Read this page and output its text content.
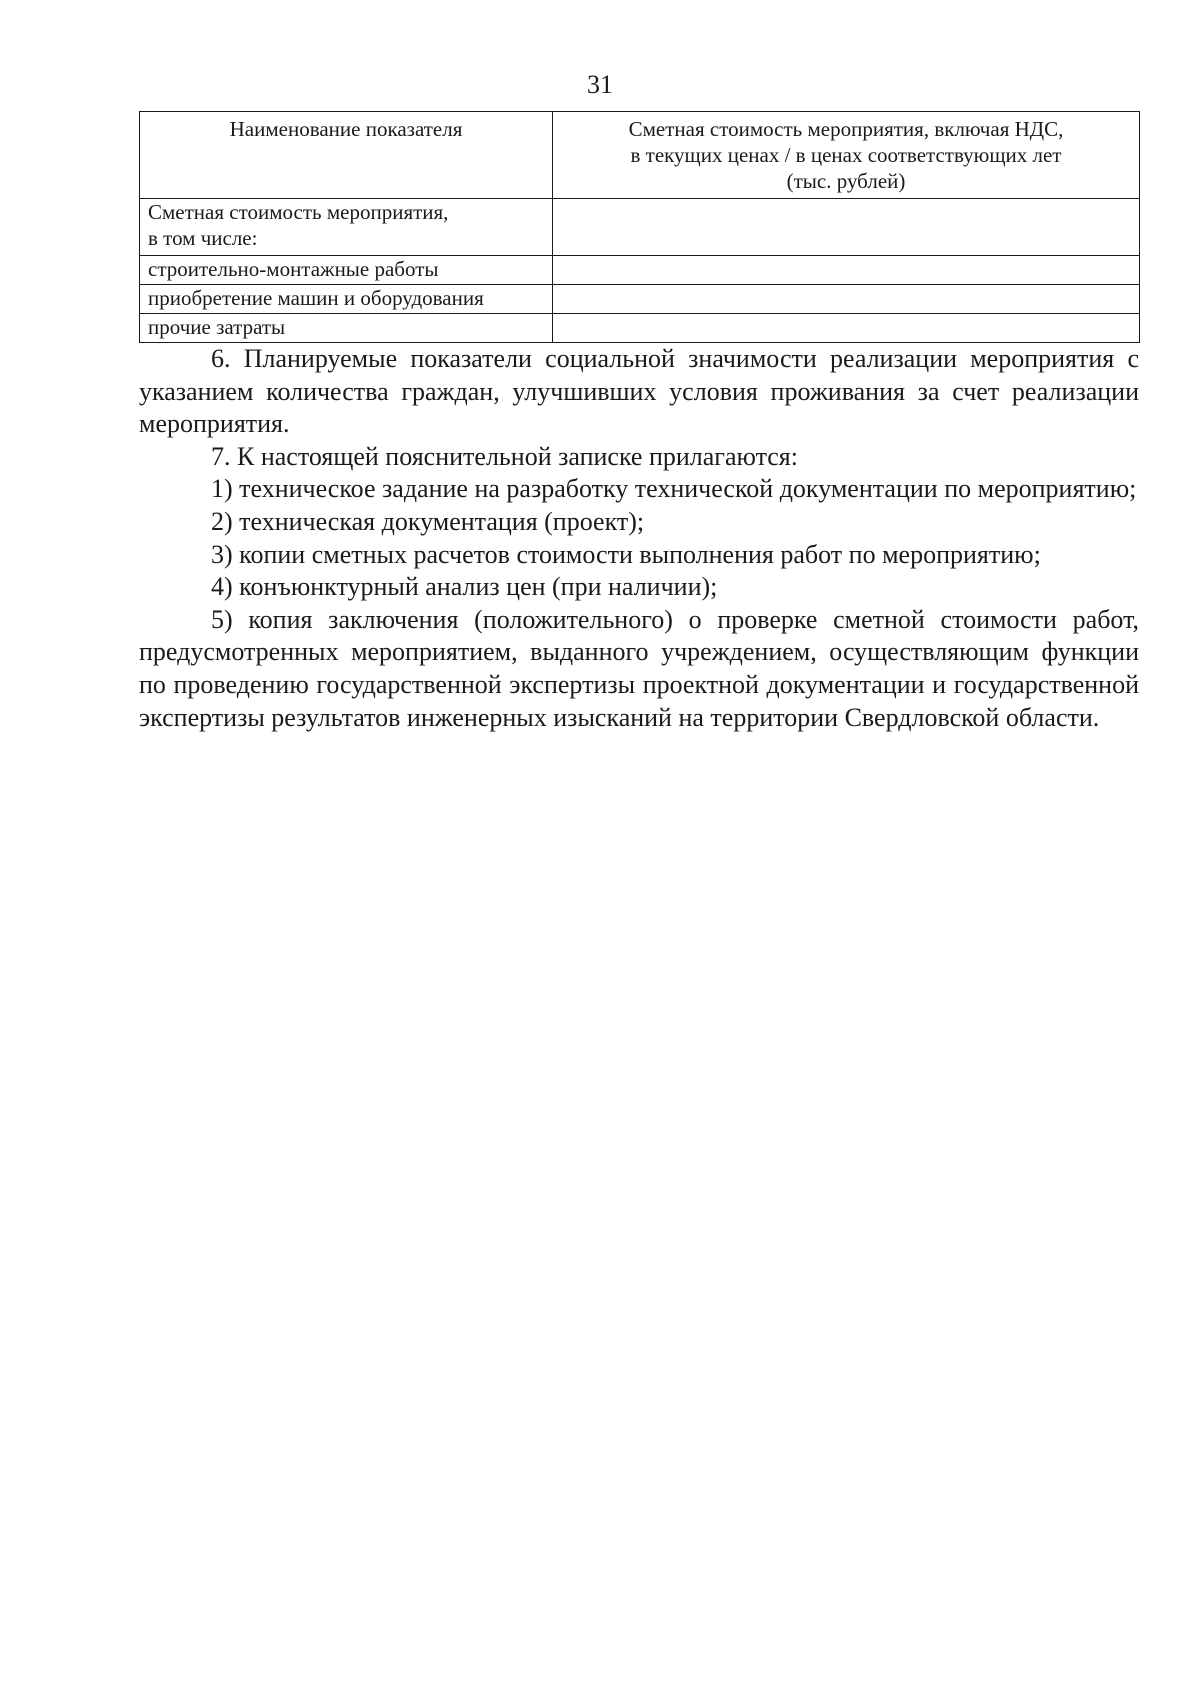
31
Наименование показателя	Сметная стоимость мероприятия, включая НДС,
в текущих ценах / в ценах соответствующих лет
(тыс. рублей)

Сметная стоимость мероприятия,
в том числе:	

строительно-монтажные работы	
приобретение машин и оборудования	
прочие затраты	

6. Планируемые показатели социальной значимости реализации мероприятия с указанием количества граждан, улучшивших условия проживания за счет реализации мероприятия.

7. К настоящей пояснительной записке прилагаются:

1) техническое задание на разработку технической документации по мероприятию;

2) техническая документация (проект);

3) копии сметных расчетов стоимости выполнения работ по мероприятию;

4) конъюнктурный анализ цен (при наличии);

5) копия заключения (положительного) о проверке сметной стоимости работ, предусмотренных мероприятием, выданного учреждением, осуществляющим функции по проведению государственной экспертизы проектной документации и государственной экспертизы результатов инженерных изысканий на территории Свердловской области.
